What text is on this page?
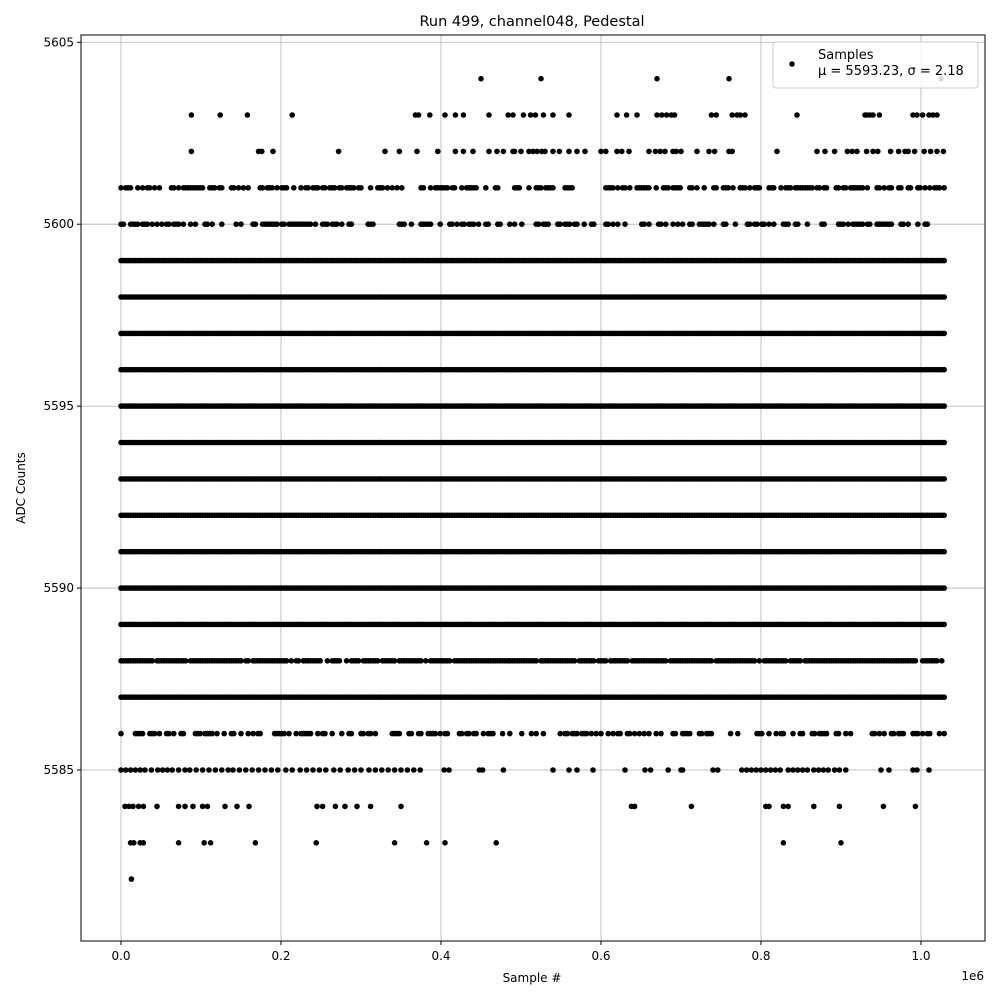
Run 499, channel048, Pedestal
0.0	0.2	0.4	0.6	0.8	1.0
5585
5590
5595
5600
5605
Sample #
ADC Counts
1e6
Samples
μ = 5593.23, σ = 2.18
